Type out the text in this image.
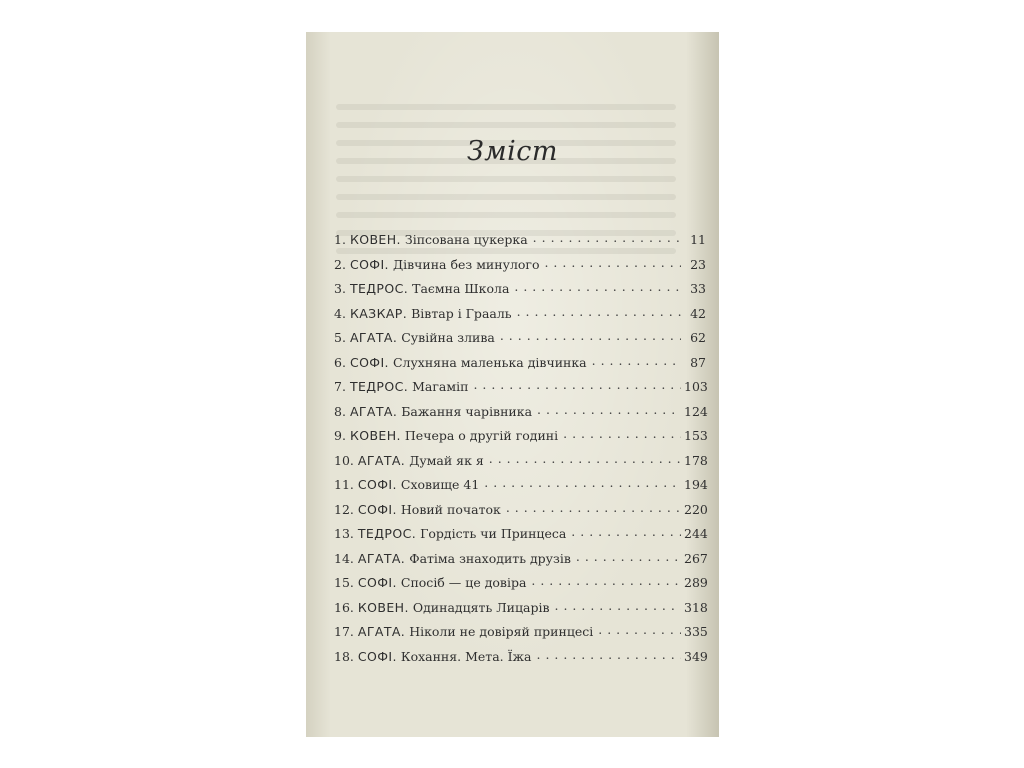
Зміст
1. КОВЕН. Зіпсована цукерка . . .	11
2. СОФІ. Дівчина без минулого . . .	23
3. ТЕДРОС. Таємна Школа . . .	33
4. КАЗКАР. Вівтар і Грааль . . .	42
5. АГАТА. Сувійна злива . . .	62
6. СОФІ. Слухняна маленька дівчинка . . .	87
7. ТЕДРОС. Магаміп . . .	103
8. АГАТА. Бажання чарівника . . .	124
9. КОВЕН. Печера о другій годині . . .	153
10. АГАТА. Думай як я . . .	178
11. СОФІ. Сховище 41 . . .	194
12. СОФІ. Новий початок . . .	220
13. ТЕДРОС. Гордість чи Принцеса . . .	244
14. АГАТА. Фатіма знаходить друзів . . .	267
15. СОФІ. Спосіб — це довіра . . .	289
16. КОВЕН. Одинадцять Лицарів . . .	318
17. АГАТА. Ніколи не довіряй принцесі . . .	335
18. СОФІ. Кохання. Мета. Їжа . . .	349
